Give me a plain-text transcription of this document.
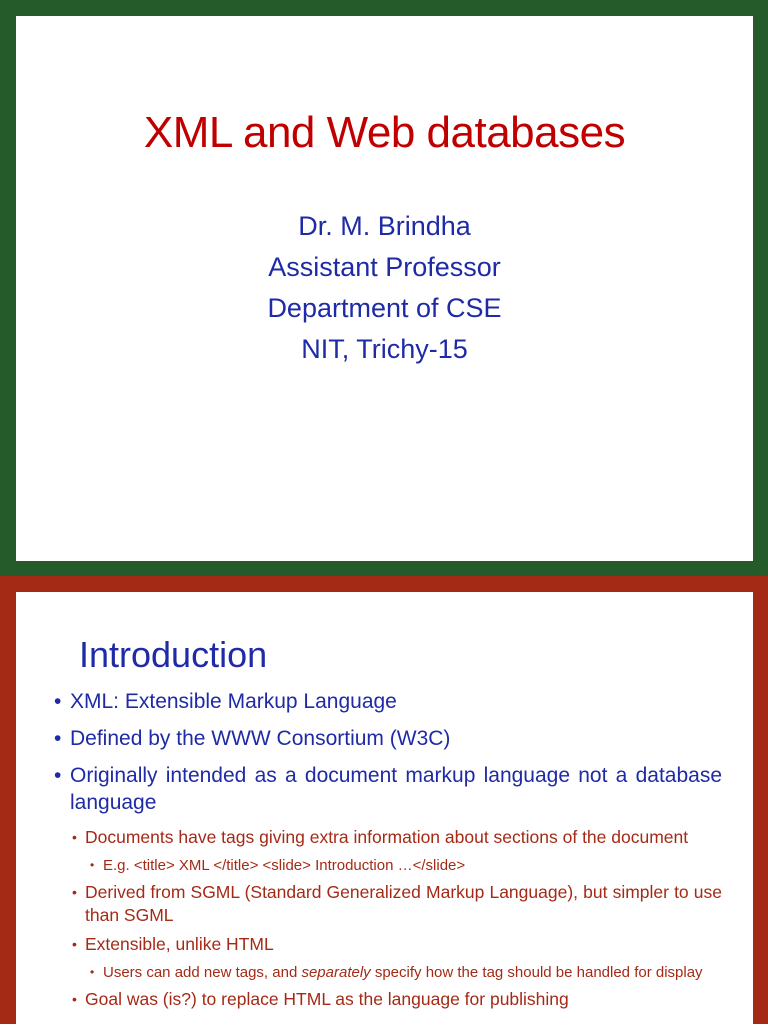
XML and Web databases
Dr. M. Brindha
Assistant Professor
Department of CSE
NIT, Trichy-15
Introduction
• XML: Extensible Markup Language
• Defined by the WWW Consortium (W3C)
• Originally intended as a document markup language not a database language
• Documents have tags giving extra information about sections of the document
• E.g. <title> XML </title> <slide> Introduction …</slide>
• Derived from SGML (Standard Generalized Markup Language), but simpler to use than SGML
• Extensible, unlike HTML
• Users can add new tags, and separately specify how the tag should be handled for display
• Goal was (is?) to replace HTML as the language for publishing
